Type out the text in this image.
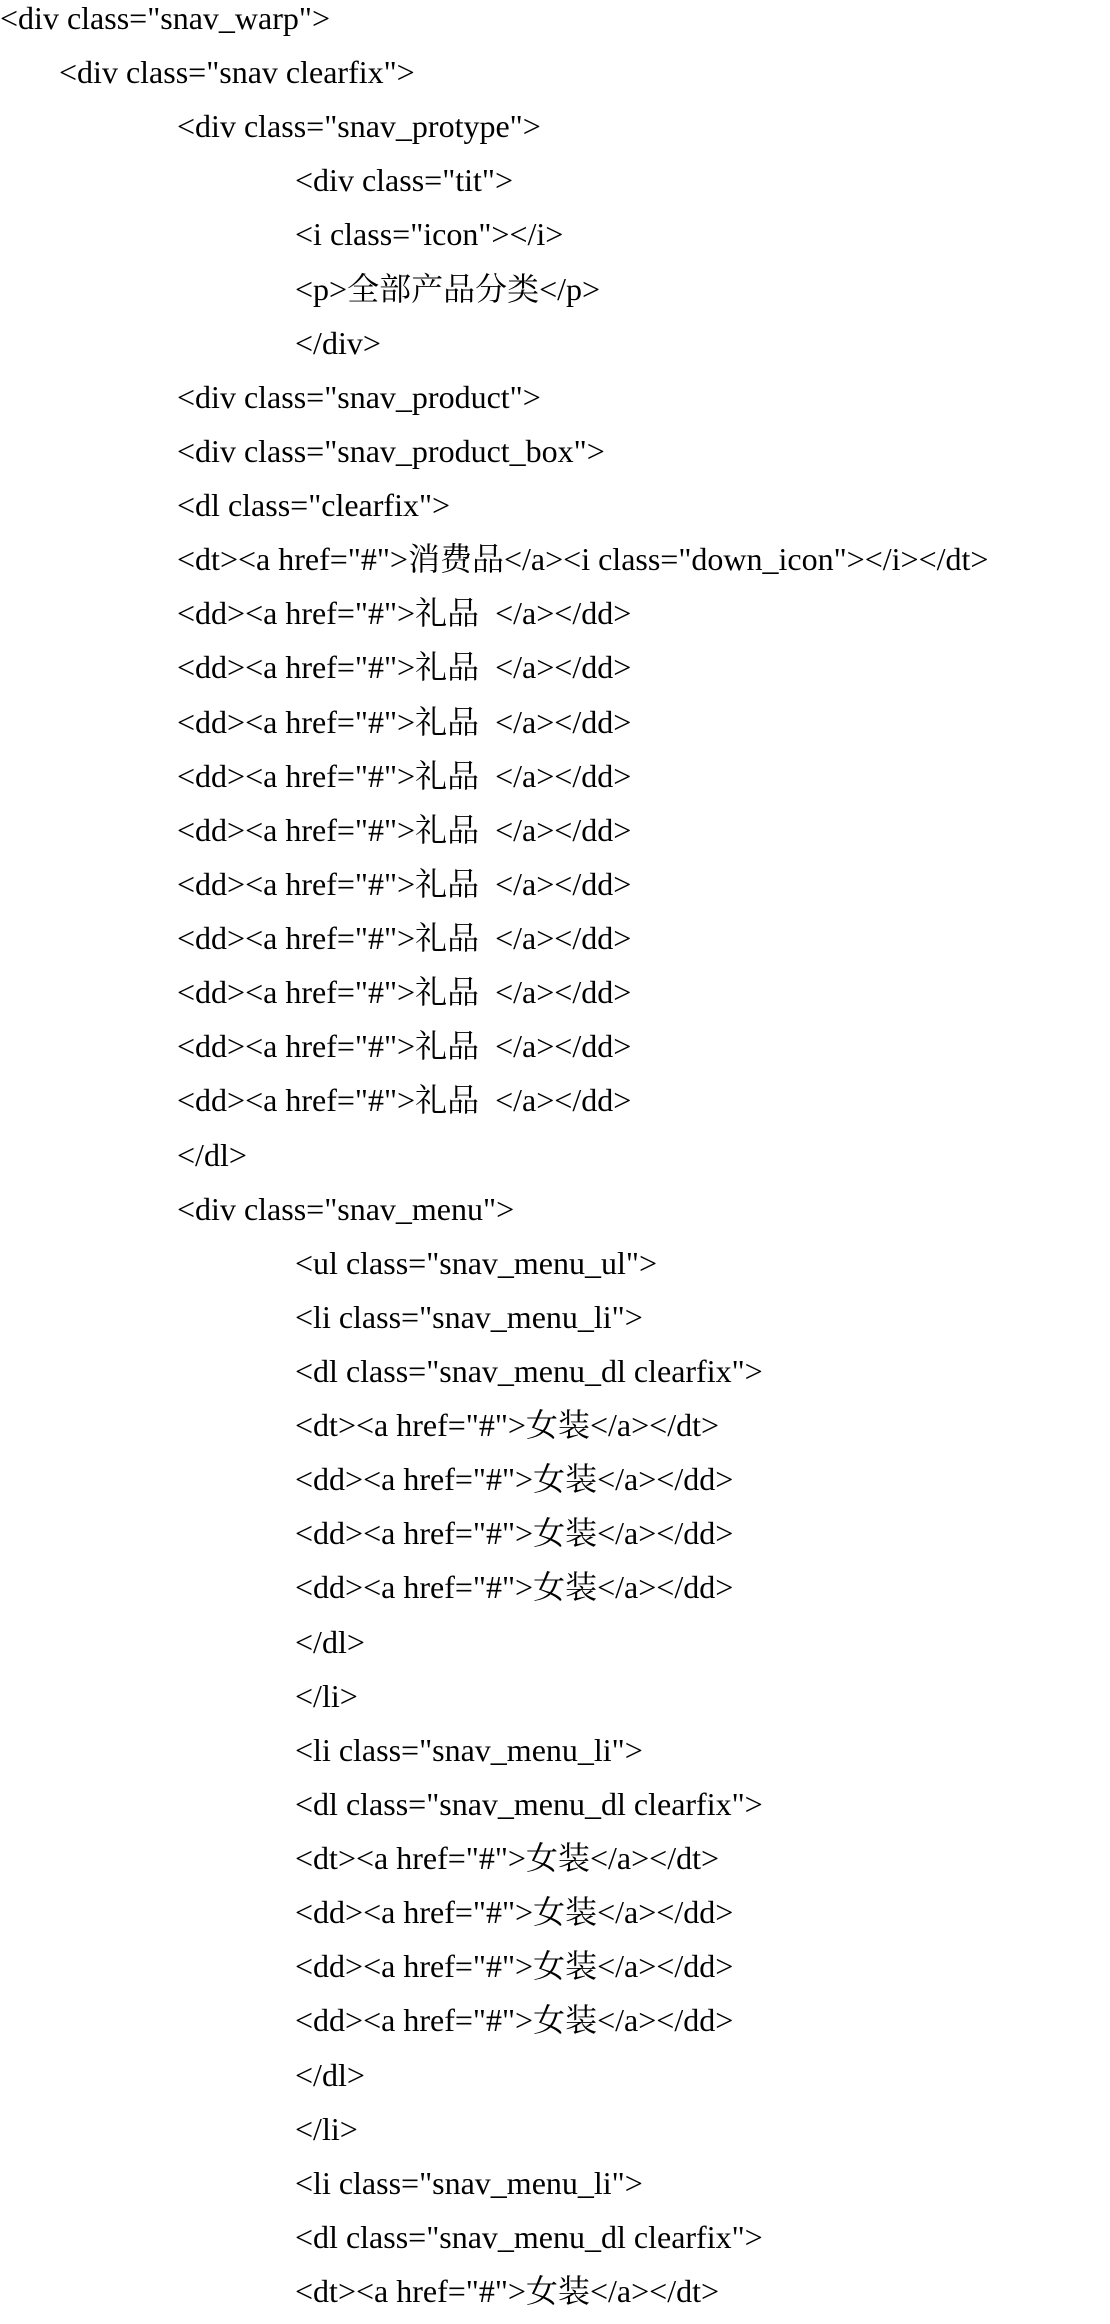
<div class="snav_warp">
<div class="snav clearfix">
<div class="snav_protype">
<div class="tit">
<i class="icon"></i>
<p>全部产品分类</p>
</div>
<div class="snav_product">
<div class="snav_product_box">
<dl class="clearfix">
<dt><a href="#">消费品</a><i class="down_icon"></i></dt>
<dd><a href="#">礼品  </a></dd>
<dd><a href="#">礼品  </a></dd>
<dd><a href="#">礼品  </a></dd>
<dd><a href="#">礼品  </a></dd>
<dd><a href="#">礼品  </a></dd>
<dd><a href="#">礼品  </a></dd>
<dd><a href="#">礼品  </a></dd>
<dd><a href="#">礼品  </a></dd>
<dd><a href="#">礼品  </a></dd>
<dd><a href="#">礼品  </a></dd>
</dl>
<div class="snav_menu">
<ul class="snav_menu_ul">
<li class="snav_menu_li">
<dl class="snav_menu_dl clearfix">
<dt><a href="#">女装</a></dt>
<dd><a href="#">女装</a></dd>
<dd><a href="#">女装</a></dd>
<dd><a href="#">女装</a></dd>
</dl>
</li>
<li class="snav_menu_li">
<dl class="snav_menu_dl clearfix">
<dt><a href="#">女装</a></dt>
<dd><a href="#">女装</a></dd>
<dd><a href="#">女装</a></dd>
<dd><a href="#">女装</a></dd>
</dl>
</li>
<li class="snav_menu_li">
<dl class="snav_menu_dl clearfix">
<dt><a href="#">女装</a></dt>
